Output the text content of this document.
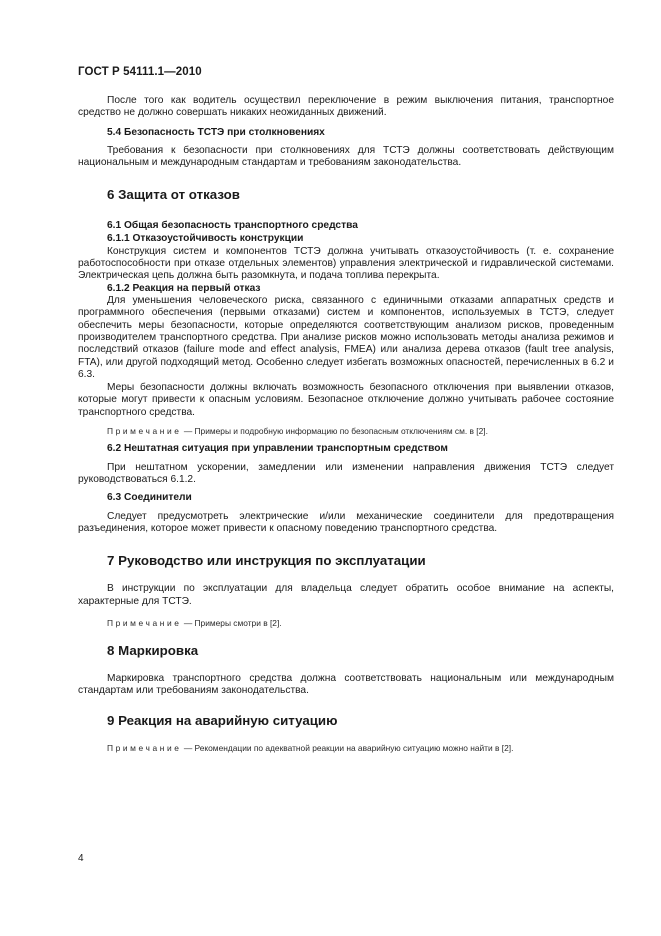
ГОСТ Р 54111.1—2010

После того как водитель осуществил переключение в режим выключения питания, транспортное средство не должно совершать никаких неожиданных движений.

5.4 Безопасность ТСТЭ при столкновениях

Требования к безопасности при столкновениях для ТСТЭ должны соответствовать действующим национальным и международным стандартам и требованиям законодательства.

6 Защита от отказов
6.1 Общая безопасность транспортного средства
6.1.1 Отказоустойчивость конструкции

Конструкция систем и компонентов ТСТЭ должна учитывать отказоустойчивость (т. е. сохранение работоспособности при отказе отдельных элементов) управления электрической и гидравлической системами. Электрическая цепь должна быть разомкнута, и подача топлива перекрыта.

6.1.2 Реакция на первый отказ

Для уменьшения человеческого риска, связанного с единичными отказами аппаратных средств и программного обеспечения (первыми отказами) систем и компонентов, используемых в ТСТЭ, следует обеспечить меры безопасности, которые определяются соответствующим анализом рисков, проведенным производителем транспортного средства. При анализе рисков можно использовать методы анализа режимов и последствий отказов (failure mode and effect analysis, FMEA) или анализа дерева отказов (fault tree analysis, FTA), или другой подходящий метод. Особенно следует избегать возможных опасностей, перечисленных в 6.2 и 6.3.

Меры безопасности должны включать возможность безопасного отключения при выявлении отказов, которые могут привести к опасным условиям. Безопасное отключение должно учитывать рабочее состояние транспортного средства.

Примечание — Примеры и подробную информацию по безопасным отключениям см. в [2].

6.2 Нештатная ситуация при управлении транспортным средством

При нештатном ускорении, замедлении или изменении направления движения ТСТЭ следует руководствоваться 6.1.2.

6.3 Соединители

Следует предусмотреть электрические и/или механические соединители для предотвращения разъединения, которое может привести к опасному поведению транспортного средства.

7 Руководство или инструкция по эксплуатации

В инструкции по эксплуатации для владельца следует обратить особое внимание на аспекты, характерные для ТСТЭ.

Примечание — Примеры смотри в [2].

8 Маркировка

Маркировка транспортного средства должна соответствовать национальным или международным стандартам или требованиям законодательства.

9 Реакция на аварийную ситуацию

Примечание — Рекомендации по адекватной реакции на аварийную ситуацию можно найти в [2].

4
